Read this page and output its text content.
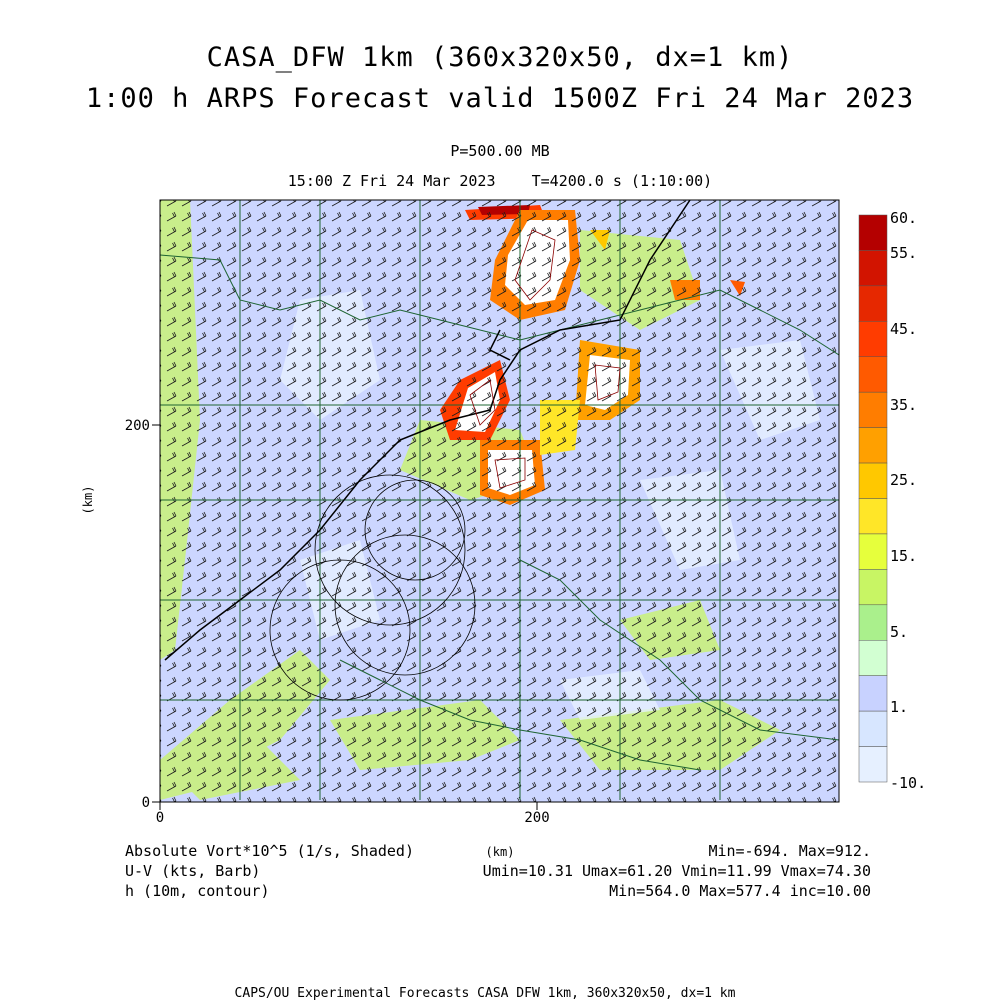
CASA_DFW 1km (360x320x50, dx=1 km)
1:00 h ARPS Forecast valid 1500Z Fri 24 Mar 2023
P=500.00 MB
15:00 Z Fri 24 Mar 2023    T=4200.0 s (1:10:00)
0	200
0
200
(km)
(km)
60.
55.
45.
35.
25.
15.
5.
1.
-10.
Absolute Vort*10^5 (1/s, Shaded)
U-V (kts, Barb)
h (10m, contour)
Min=-694. Max=912.
Umin=10.31 Umax=61.20 Vmin=11.99 Vmax=74.30
Min=564.0 Max=577.4 inc=10.00
CAPS/OU Experimental Forecasts CASA DFW 1km, 360x320x50, dx=1 km
